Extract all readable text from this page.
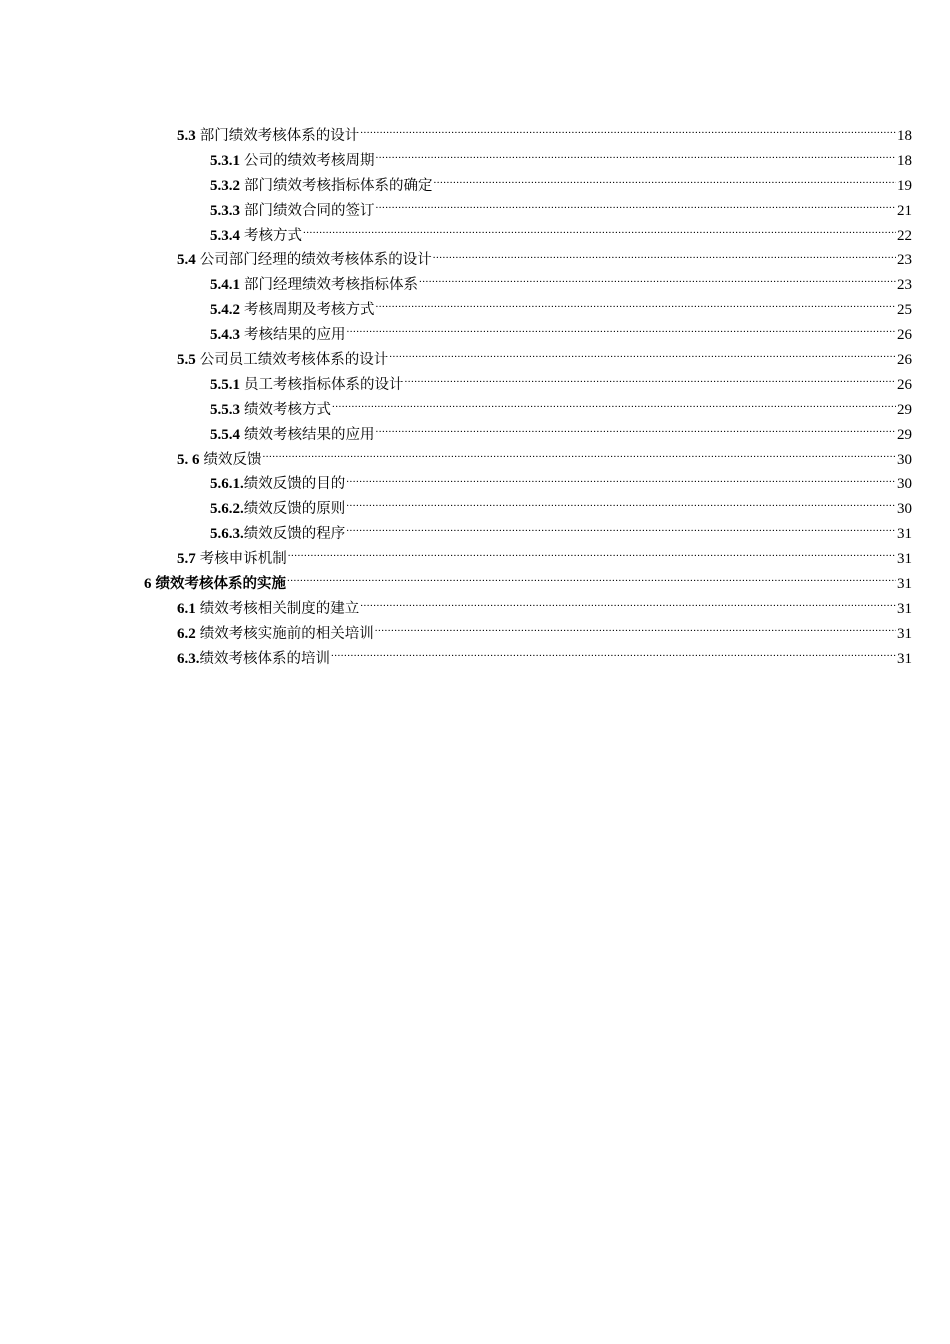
5.3 部门绩效考核体系的设计 .....	18
5.3.1 公司的绩效考核周期 .....	18
5.3.2 部门绩效考核指标体系的确定 .....	19
5.3.3 部门绩效合同的签订 .....	21
5.3.4 考核方式 .....	22
5.4 公司部门经理的绩效考核体系的设计 .....	23
5.4.1 部门经理绩效考核指标体系 .....	23
5.4.2 考核周期及考核方式 .....	25
5.4.3 考核结果的应用 .....	26
5.5 公司员工绩效考核体系的设计 .....	26
5.5.1 员工考核指标体系的设计 .....	26
5.5.3 绩效考核方式 .....	29
5.5.4 绩效考核结果的应用 .....	29
5. 6 绩效反馈 .....	30
5.6.1. 绩效反馈的目的 .....	30
5.6.2. 绩效反馈的原则 .....	30
5.6.3. 绩效反馈的程序 .....	31
5.7 考核申诉机制 .....	31
6 绩效考核体系的实施 .....	31
6.1 绩效考核相关制度的建立 .....	31
6.2 绩效考核实施前的相关培训 .....	31
6.3. 绩效考核体系的培训 .....	31
